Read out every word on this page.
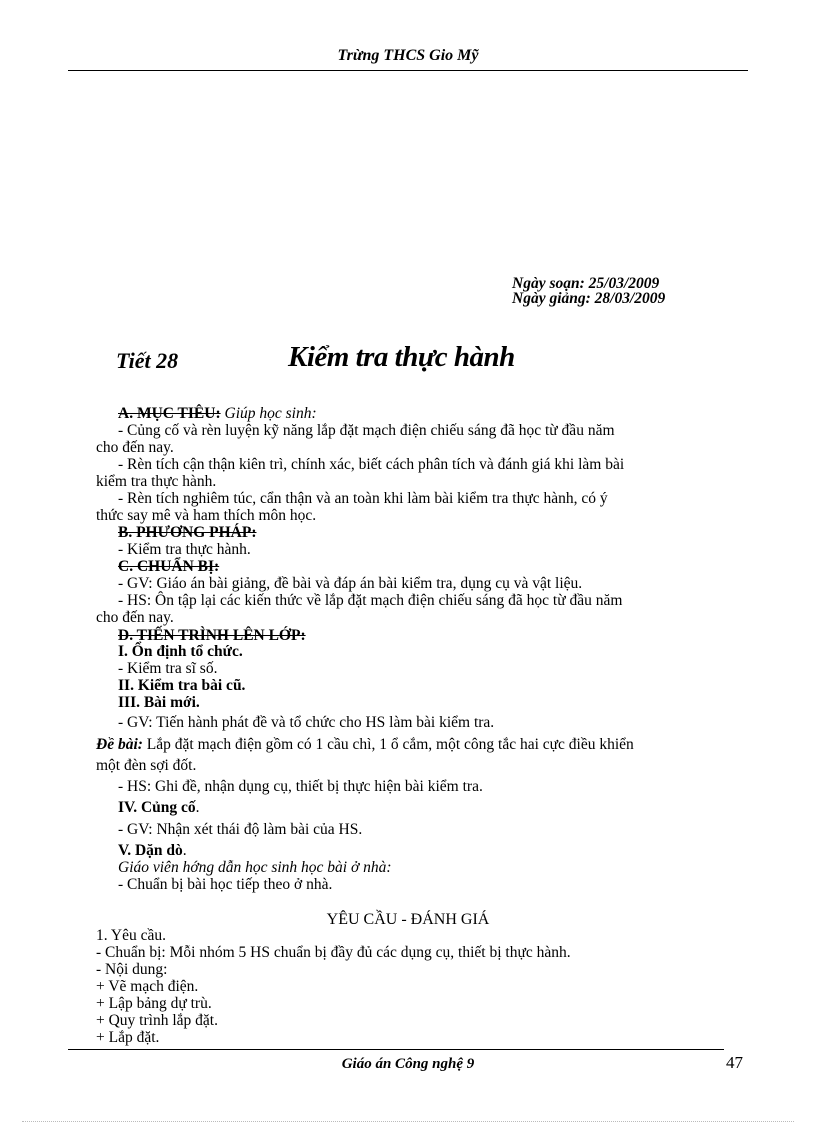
Trừng THCS Gio Mỹ
Ngày soạn: 25/03/2009
Ngày giảng: 28/03/2009
Tiết 28	Kiểm tra thực hành
A. MỤC TIÊU: Giúp học sinh:
- Củng cố và rèn luyện kỹ năng lắp đặt mạch điện chiếu sáng đã học từ đầu năm
cho đến nay.
- Rèn tích cận thận kiên trì, chính xác, biết cách phân tích và đánh giá khi làm bài
kiểm tra thực hành.
- Rèn tích nghiêm túc, cẩn thận và an toàn khi làm bài kiểm tra thực hành, có ý
thức say mê và ham thích môn học.
B. PHƯƠNG PHÁP:
- Kiểm tra thực hành.
C. CHUẨN BỊ:
- GV: Giáo án bài giảng, đề bài và đáp án bài kiểm tra, dụng cụ và vật liệu.
- HS: Ôn tập lại các kiến thức về lắp đặt mạch điện chiếu sáng đã học từ đầu năm
cho đến nay.
D. TIẾN TRÌNH LÊN LỚP:
I. Ổn định tổ chức.
- Kiểm tra sĩ số.
II. Kiểm tra bài cũ.
III. Bài mới.
- GV: Tiến hành phát đề và tổ chức cho HS làm bài kiểm tra.
Đề bài: Lắp đặt mạch điện gồm có 1 cầu chì, 1 ổ cắm, một công tắc hai cực điều khiển
một đèn sợi đốt.
- HS: Ghi đề, nhận dụng cụ, thiết bị thực hiện bài kiểm tra.
IV. Củng cố.
- GV: Nhận xét thái độ làm bài của HS.
V. Dặn dò.
Giáo viên hớng dẫn học sinh học bài ở nhà:
- Chuẩn bị bài học tiếp theo ở nhà.
YÊU CẦU - ĐÁNH GIÁ
1. Yêu cầu.
- Chuẩn bị: Mỗi nhóm 5 HS chuẩn bị đầy đủ các dụng cụ, thiết bị thực hành.
- Nội dung:
+ Vẽ mạch điện.
+ Lập bảng dự trù.
+ Quy trình lắp đặt.
+ Lắp đặt.
Giáo án Công nghệ 9	47
